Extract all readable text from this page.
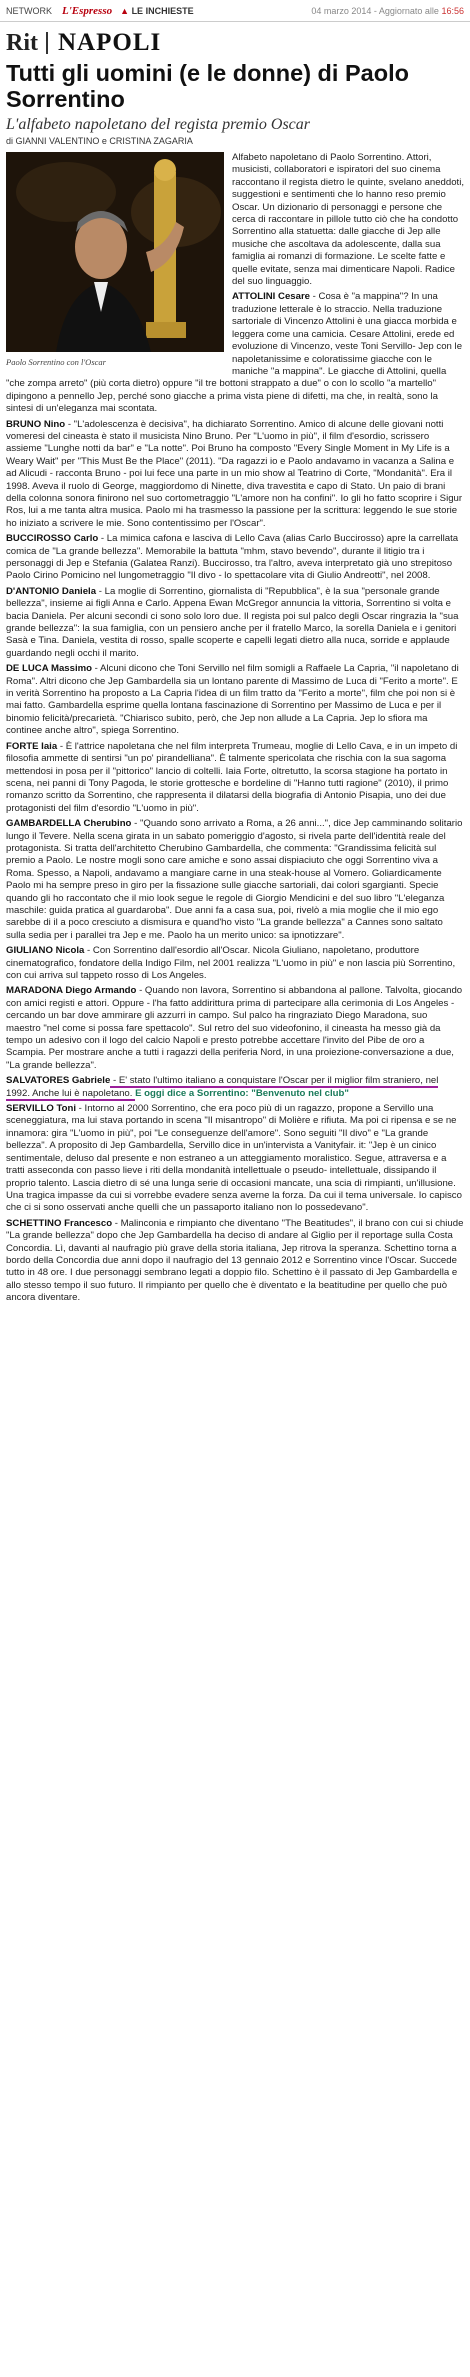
NETWORK L'Espresso ▲ LE INCHIESTE	04 marzo 2014 - Aggiornato alle 16:56
Rit NAPOLI
Tutti gli uomini (e le donne) di Paolo Sorrentino
L'alfabeto napoletano del regista premio Oscar
di GIANNI VALENTINO e CRISTINA ZAGARIA
Paolo Sorrentino con l'Oscar

Alfabeto napoletano di Paolo Sorrentino. Attori, musicisti, collaboratori e ispiratori del suo cinema raccontano il regista dietro le quinte, svelano aneddoti, suggestioni e sentimenti che lo hanno reso premio Oscar. Un dizionario di personaggi e persone che cerca di raccontare in pillole tutto ciò che ha condotto Sorrentino alla statuetta: dalle giacche di Jep alle musiche che ascoltava da adolescente, dalla sua famiglia ai romanzi di formazione. Le scelte fatte e quelle evitate, senza mai dimenticare Napoli. Radice del suo linguaggio.

ATTOLINI Cesare - Cosa è "a mappina"? In una traduzione letterale è lo straccio. Nella traduzione sartoriale di Vincenzo Attolini è una giacca morbida e leggera come una camicia. Cesare Attolini, erede ed evoluzione di Vincenzo, veste Toni Servillo- Jep con le napoletanissime e coloratissime giacche con le maniche "a mappina". Le giacche di Attolini, quella "che zompa arreto" (più corta dietro) oppure "il tre bottoni strappato a due" o con lo scollo "a martello" dipingono a pennello Jep, perché sono giacche a prima vista piene di difetti, ma che, in realtà, sono la sintesi di un'eleganza mai scontata.

BRUNO Nino - "L'adolescenza è decisiva", ha dichiarato Sorrentino. Amico di alcune delle giovani notti vomeresi del cineasta è stato il musicista Nino Bruno. Per "L'uomo in più", il film d'esordio, scrissero assieme "Lunghe notti da bar" e "La notte". Poi Bruno ha composto "Every Single Moment in My Life is a Weary Wait" per "This Must Be the Place" (2011). "Da ragazzi io e Paolo andavamo in vacanza a Salina e ad Alicudi - racconta Bruno - poi lui fece una parte in un mio show al Teatrino di Corte, "Mondanità". Era il 1998. Aveva il ruolo di George, maggiordomo di Ninette, diva travestita e capo di Stato. Un paio di brani della colonna sonora finirono nel suo cortometraggio "L'amore non ha confini". Io gli ho fatto scoprire i Sigur Ros, lui a me tanta altra musica. Paolo mi ha trasmesso la passione per la scrittura: leggendo le sue storie ho iniziato a scrivere le mie. Sono contentissimo per l'Oscar".

BUCCIROSSO Carlo - La mimica cafona e lasciva di Lello Cava (alias Carlo Buccirosso) apre la carrellata comica de "La grande bellezza". Memorabile la battuta "mhm, stavo bevendo", durante il litigio tra i personaggi di Jep e Stefania (Galatea Ranzi). Buccirosso, tra l'altro, aveva interpretato già uno strepitoso Paolo Cirino Pomicino nel lungometraggio "Il divo - lo spettacolare vita di Giulio Andreotti", nel 2008.

D'ANTONIO Daniela - La moglie di Sorrentino, giornalista di "Repubblica", è la sua "personale grande bellezza", insieme ai figli Anna e Carlo. Appena Ewan McGregor annuncia la vittoria, Sorrentino si volta e bacia Daniela. Per alcuni secondi ci sono solo loro due. Il regista poi sul palco degli Oscar ringrazia la "sua grande bellezza": la sua famiglia, con un pensiero anche per il fratello Marco, la sorella Daniela e i genitori Sasà e Tina. Daniela, vestita di rosso, spalle scoperte e capelli legati dietro alla nuca, sorride e applaude guardando negli occhi il marito.

DE LUCA Massimo - Alcuni dicono che Toni Servillo nel film somigli a Raffaele La Capria, "il napoletano di Roma". Altri dicono che Jep Gambardella sia un lontano parente di Massimo de Luca di "Ferito a morte". E in verità Sorrentino ha proposto a La Capria l'idea di un film tratto da "Ferito a morte", film che poi non si è mai fatto. Gambardella esprime quella lontana fascinazione di Sorrentino per Massimo de Luca e per il binomio felicità/precarietà. "Chiarisco subito, però, che Jep non allude a La Capria. Jep lo sfiora ma continee anche altro", spiega Sorrentino.

FORTE Iaia - È l'attrice napoletana che nel film interpreta Trumeau, moglie di Lello Cava, e in un impeto di filosofia ammette di sentirsi "un po' pirandelliana". È talmente spericolata che rischia con la sua sagoma mettendosi in posa per il "pittorico" lancio di coltelli. Iaia Forte, oltretutto, la scorsa stagione ha portato in scena, nei panni di Tony Pagoda, le storie grottesche e bordeline di "Hanno tutti ragione" (2010), il primo romanzo scritto da Sorrentino, che rappresenta il dilatarsi della biografia di Antonio Pisapia, uno dei due protagonisti del film d'esordio "L'uomo in più".

GAMBARDELLA Cherubino - "Quando sono arrivato a Roma, a 26 anni...", dice Jep camminando solitario lungo il Tevere. Nella scena girata in un sabato pomeriggio d'agosto, si rivela parte dell'identità reale del protagonista. Si tratta dell'architetto Cherubino Gambardella, che commenta: "Grandissima felicità sul premio a Paolo. Le nostre mogli sono care amiche e sono assai dispiaciuto che oggi Sorrentino viva a Roma. Spesso, a Napoli, andavamo a mangiare carne in una steak-house al Vomero. Goliardicamente Paolo mi ha sempre preso in giro per la fissazione sulle giacche sartoriali, dai colori sgargianti. Specie quando gli ho raccontato che il mio look segue le regole di Giorgio Mendicini e del suo libro "L'eleganza maschile: guida pratica al guardaroba". Due anni fa a casa sua, poi, rivelò a mia moglie che il mio ego sarebbe di il a poco cresciuto a dismisura e quand'ho visto "La grande bellezza" a Cannes sono saltato sulla sedia per i parallei tra Jep e me. Paolo ha un merito unico: sa ipnotizzare".

GIULIANO Nicola - Con Sorrentino dall'esordio all'Oscar. Nicola Giuliano, napoletano, produttore cinematografico, fondatore della Indigo Film, nel 2001 realizza "L'uomo in più" e non lascia più Sorrentino, con cui arriva sul tappeto rosso di Los Angeles.

MARADONA Diego Armando - Quando non lavora, Sorrentino si abbandona al pallone. Talvolta, giocando con amici registi e attori. Oppure - l'ha fatto addirittura prima di partecipare alla cerimonia di Los Angeles - cercando un bar dove ammirare gli azzurri in campo. Sul palco ha ringraziato Diego Maradona, suo maestro "nel come si possa fare spettacolo". Sul retro del suo videofonino, il cineasta ha messo già da tempo un adesivo con il logo del calcio Napoli e presto potrebbe accettare l'invito del Pibe de oro a Scampia. Per mostrare anche a tutti i ragazzi della periferia Nord, in una proiezione-conversazione a due, "La grande bellezza".

SALVATORES Gabriele - E' stato l'ultimo italiano a conquistare l'Oscar per il miglior film straniero, nel 1992. Anche lui è napoletano. E oggi dice a Sorrentino: "Benvenuto nel club"

SERVILLO Toni - Intorno al 2000 Sorrentino, che era poco più di un ragazzo, propone a Servillo una sceneggiatura, ma lui stava portando in scena "Il misantropo" di Molière e rifiuta. Ma poi ci ripensa e se ne innamora: gira "L'uomo in più", poi "Le conseguenze dell'amore". Sono seguiti "Il divo" e "La grande bellezza". A proposito di Jep Gambardella, Servillo dice in un'intervista a Vanityfair. it: "Jep è un cinico sentimentale, deluso dal presente e non estraneo a un atteggiamento moralistico. Segue, attraversa e a tratti asseconda con passo lieve i riti della mondanità intellettuale o pseudo- intellettuale, dissipando il proprio talento. Lascia dietro di sé una lunga serie di occasioni mancate, una scia di rimpianti, un'illusione. Una tragica impasse da cui si vorrebbe evadere senza averne la forza. Da cui il tema universale. Io capisco che ci si sono osservati anche quelli che un passaporto italiano non lo possedevano".

SCHETTINO Francesco - Malinconia e rimpianto che diventano "The Beatitudes", il brano con cui si chiude "La grande bellezza" dopo che Jep Gambardella ha deciso di andare al Giglio per il reportage sulla Costa Concordia. Lì, davanti al naufragio più grave della storia italiana, Jep ritrova la speranza. Schettino torna a bordo della Concordia due anni dopo il naufragio del 13 gennaio 2012 e Sorrentino vince l'Oscar. Succede tutto in 48 ore. I due personaggi sembrano legati a doppio filo. Schettino è il passato di Jep Gambardella e allo stesso tempo il suo futuro. Il rimpianto per quello che è diventato e la beatitudine per quello che può ancora diventare.
